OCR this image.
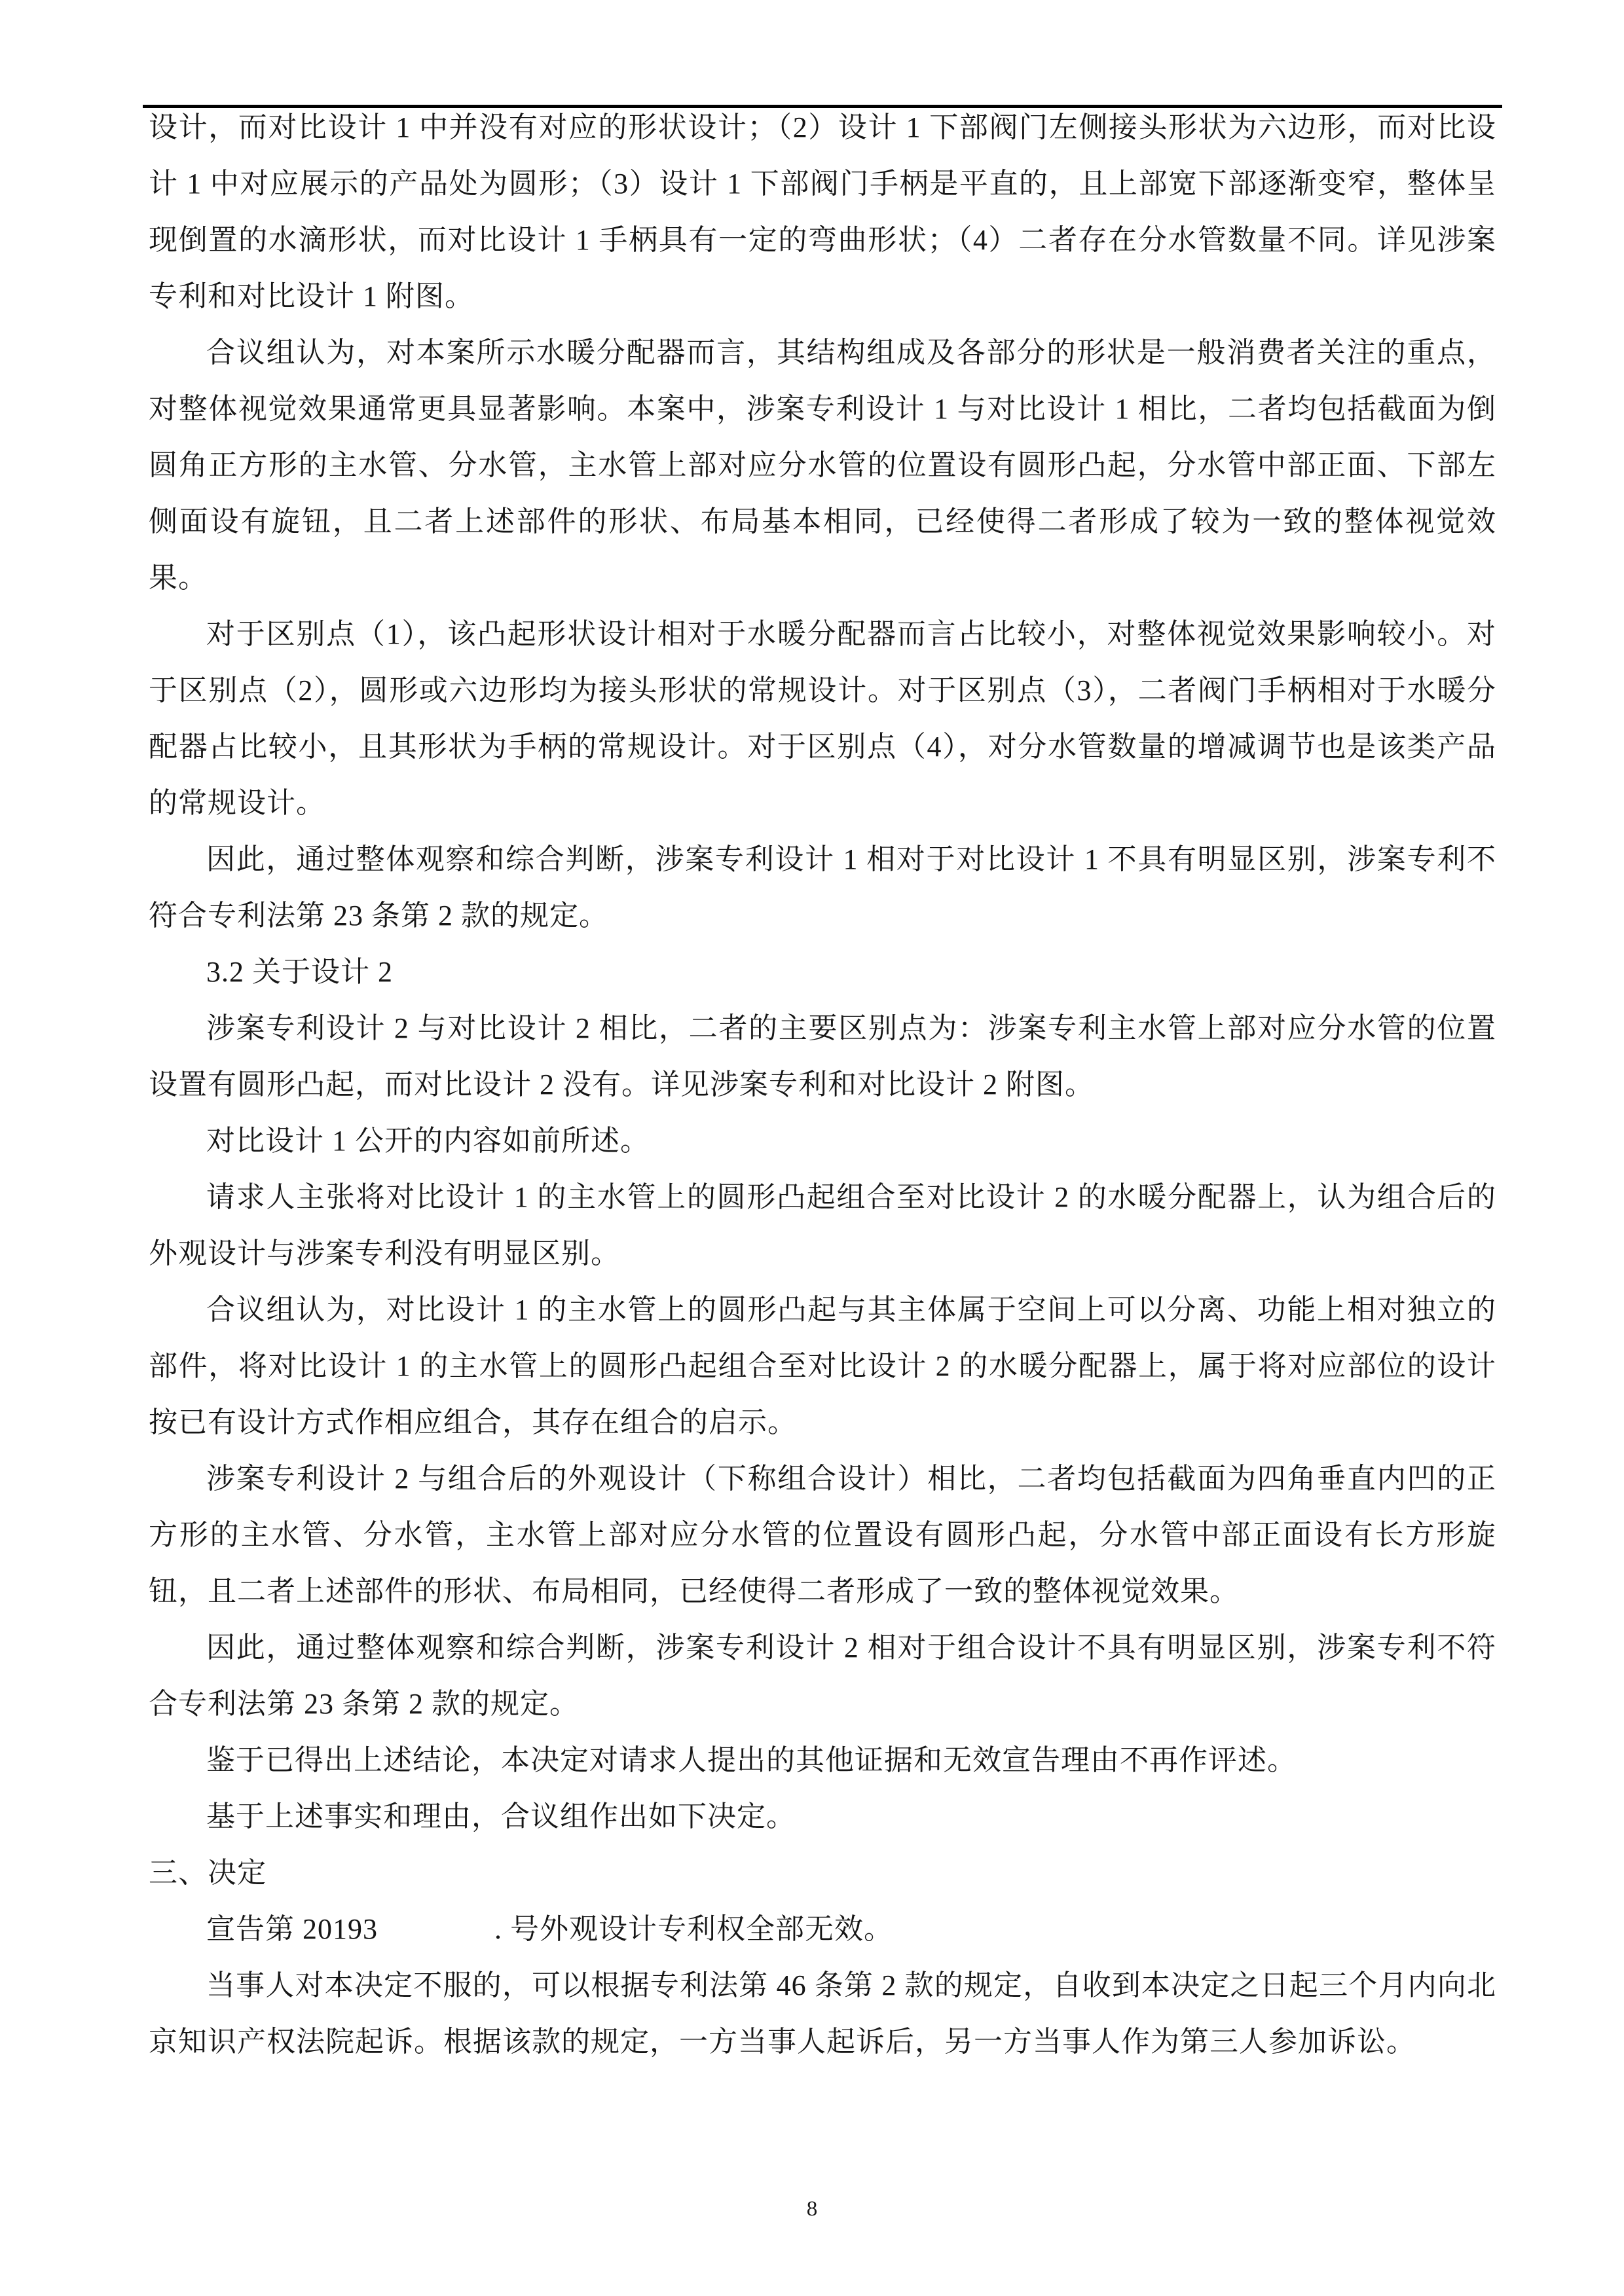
设计，而对比设计 1 中并没有对应的形状设计；（2）设计 1 下部阀门左侧接头形状为六边形，而对比设计 1 中对应展示的产品处为圆形；（3）设计 1 下部阀门手柄是平直的，且上部宽下部逐渐变窄，整体呈现倒置的水滴形状，而对比设计 1 手柄具有一定的弯曲形状；（4）二者存在分水管数量不同。详见涉案专利和对比设计 1 附图。

合议组认为，对本案所示水暖分配器而言，其结构组成及各部分的形状是一般消费者关注的重点，对整体视觉效果通常更具显著影响。本案中，涉案专利设计 1 与对比设计 1 相比，二者均包括截面为倒圆角正方形的主水管、分水管，主水管上部对应分水管的位置设有圆形凸起，分水管中部正面、下部左侧面设有旋钮，且二者上述部件的形状、布局基本相同，已经使得二者形成了较为一致的整体视觉效果。

对于区别点（1），该凸起形状设计相对于水暖分配器而言占比较小，对整体视觉效果影响较小。对于区别点（2），圆形或六边形均为接头形状的常规设计。对于区别点（3），二者阀门手柄相对于水暖分配器占比较小，且其形状为手柄的常规设计。对于区别点（4），对分水管数量的增减调节也是该类产品的常规设计。

因此，通过整体观察和综合判断，涉案专利设计 1 相对于对比设计 1 不具有明显区别，涉案专利不符合专利法第 23 条第 2 款的规定。

3.2 关于设计 2

涉案专利设计 2 与对比设计 2 相比，二者的主要区别点为：涉案专利主水管上部对应分水管的位置设置有圆形凸起，而对比设计 2 没有。详见涉案专利和对比设计 2 附图。

对比设计 1 公开的内容如前所述。

请求人主张将对比设计 1 的主水管上的圆形凸起组合至对比设计 2 的水暖分配器上，认为组合后的外观设计与涉案专利没有明显区别。

合议组认为，对比设计 1 的主水管上的圆形凸起与其主体属于空间上可以分离、功能上相对独立的部件，将对比设计 1 的主水管上的圆形凸起组合至对比设计 2 的水暖分配器上，属于将对应部位的设计按已有设计方式作相应组合，其存在组合的启示。

涉案专利设计 2 与组合后的外观设计（下称组合设计）相比，二者均包括截面为四角垂直内凹的正方形的主水管、分水管，主水管上部对应分水管的位置设有圆形凸起，分水管中部正面设有长方形旋钮，且二者上述部件的形状、布局相同，已经使得二者形成了一致的整体视觉效果。

因此，通过整体观察和综合判断，涉案专利设计 2 相对于组合设计不具有明显区别，涉案专利不符合专利法第 23 条第 2 款的规定。

鉴于已得出上述结论，本决定对请求人提出的其他证据和无效宣告理由不再作评述。

基于上述事实和理由，合议组作出如下决定。

三、决定

宣告第 20193	. 号外观设计专利权全部无效。

当事人对本决定不服的，可以根据专利法第 46 条第 2 款的规定，自收到本决定之日起三个月内向北京知识产权法院起诉。根据该款的规定，一方当事人起诉后，另一方当事人作为第三人参加诉讼。

8
